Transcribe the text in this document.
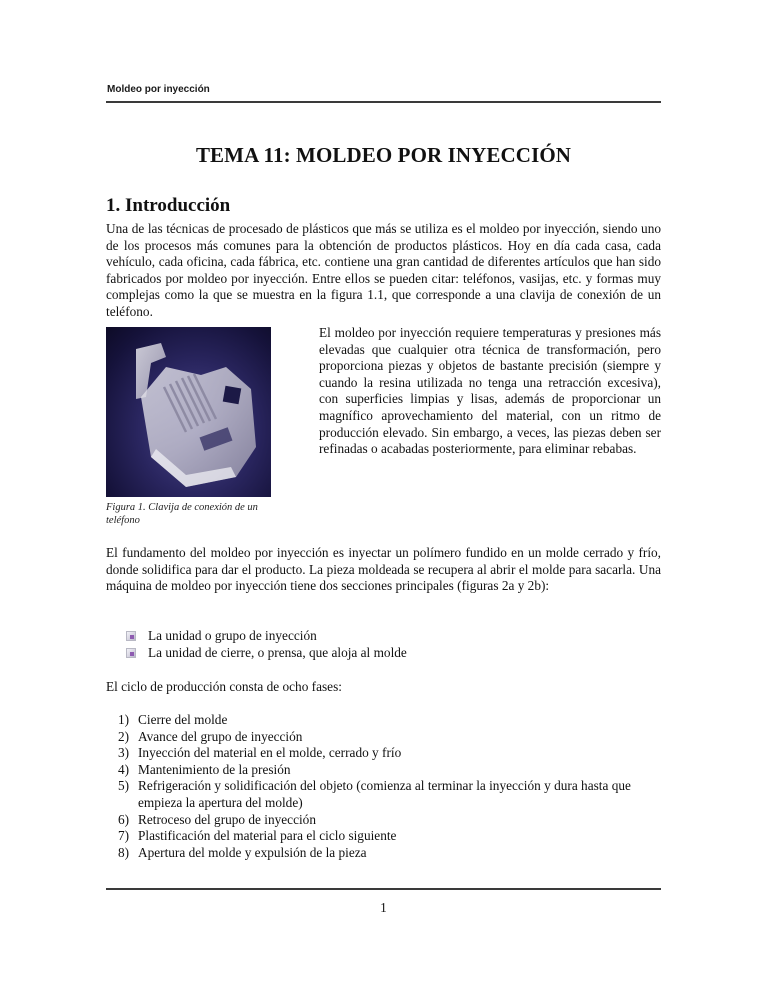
Moldeo por inyección
TEMA 11: MOLDEO POR INYECCIÓN
1. Introducción

Una de las técnicas de procesado de plásticos que más se utiliza es el moldeo por inyección, siendo uno de los procesos más comunes para la obtención de productos plásticos. Hoy en día cada casa, cada vehículo, cada oficina, cada fábrica, etc. contiene una gran cantidad de diferentes artículos que han sido fabricados por moldeo por inyección. Entre ellos se pueden citar: teléfonos, vasijas, etc. y formas muy complejas como la que se muestra en la figura 1.1, que corresponde a una clavija de conexión de un teléfono.

Figura 1. Clavija de conexión de un teléfono

El moldeo por inyección requiere temperaturas y presiones más elevadas que cualquier otra técnica de transformación, pero proporciona piezas y objetos de bastante precisión (siempre y cuando la resina utilizada no tenga una retracción excesiva), con superficies limpias y lisas, además de proporcionar un magnífico aprovechamiento del material, con un ritmo de producción elevado. Sin embargo, a veces, las piezas deben ser refinadas o acabadas posteriormente, para eliminar rebabas.

El fundamento del moldeo por inyección es inyectar un polímero fundido en un molde cerrado y frío, donde solidifica para dar el producto. La pieza moldeada se recupera al abrir el molde para sacarla. Una máquina de moldeo por inyección tiene dos secciones principales (figuras 2a y 2b):

La unidad o grupo de inyección
La unidad de cierre, o prensa, que aloja al molde

El ciclo de producción consta de ocho fases:

1) Cierre del molde
2) Avance del grupo de inyección
3) Inyección del material en el molde, cerrado y frío
4) Mantenimiento de la presión
5) Refrigeración y solidificación del objeto (comienza al terminar la inyección y dura hasta que empieza la apertura del molde)
6) Retroceso del grupo de inyección
7) Plastificación del material para el ciclo siguiente
8) Apertura del molde y expulsión de la pieza
1
